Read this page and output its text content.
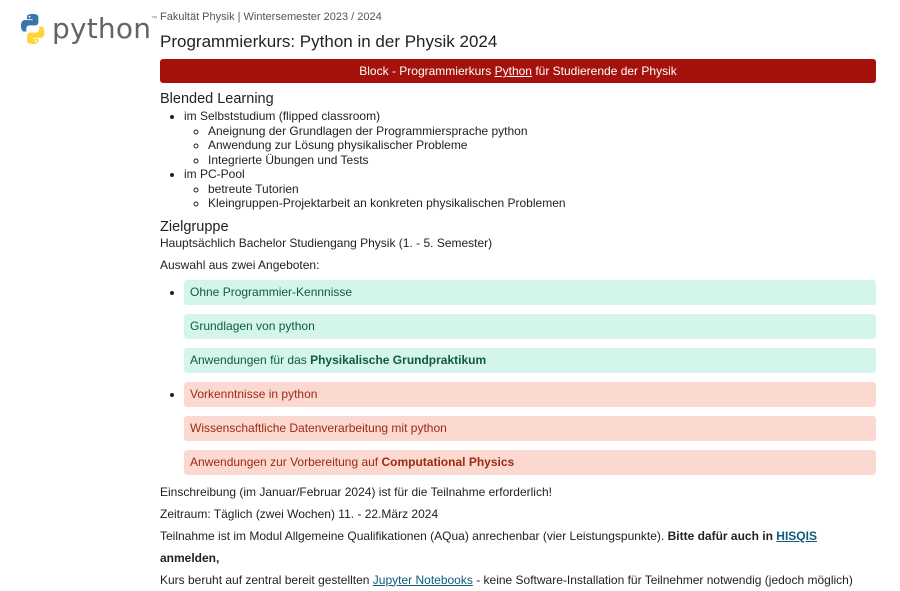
python ™ Fakultät Physik | Wintersemester 2023 / 2024
Programmierkurs: Python in der Physik 2024
Block - Programmierkurs Python für Studierende der Physik
Blended Learning
• im Selbststudium (flipped classroom)
◦ Aneignung der Grundlagen der Programmiersprache python
◦ Anwendung zur Lösung physikalischer Probleme
◦ Integrierte Übungen und Tests
• im PC-Pool
◦ betreute Tutorien
◦ Kleingruppen-Projektarbeit an konkreten physikalischen Problemen
Zielgruppe

Hauptsächlich Bachelor Studiengang Physik (1. - 5. Semester)

Auswahl aus zwei Angeboten:

• Ohne Programmier-Kennnisse
Grundlagen von python
Anwendungen für das Physikalische Grundpraktikum
• Vorkenntnisse in python
Wissenschaftliche Datenverarbeitung mit python
Anwendungen zur Vorbereitung auf Computational Physics

Einschreibung (im Januar/Februar 2024) ist für die Teilnahme erforderlich!

Zeitraum: Täglich (zwei Wochen) 11. - 22.März 2024

Teilnahme ist im Modul Allgemeine Qualifikationen (AQua) anrechenbar (vier Leistungspunkte). Bitte dafür auch in HISQIS anmelden,

Kurs beruht auf zentral bereit gestellten Jupyter Notebooks - keine Software-Installation für Teilnehmer notwendig (jedoch möglich)
